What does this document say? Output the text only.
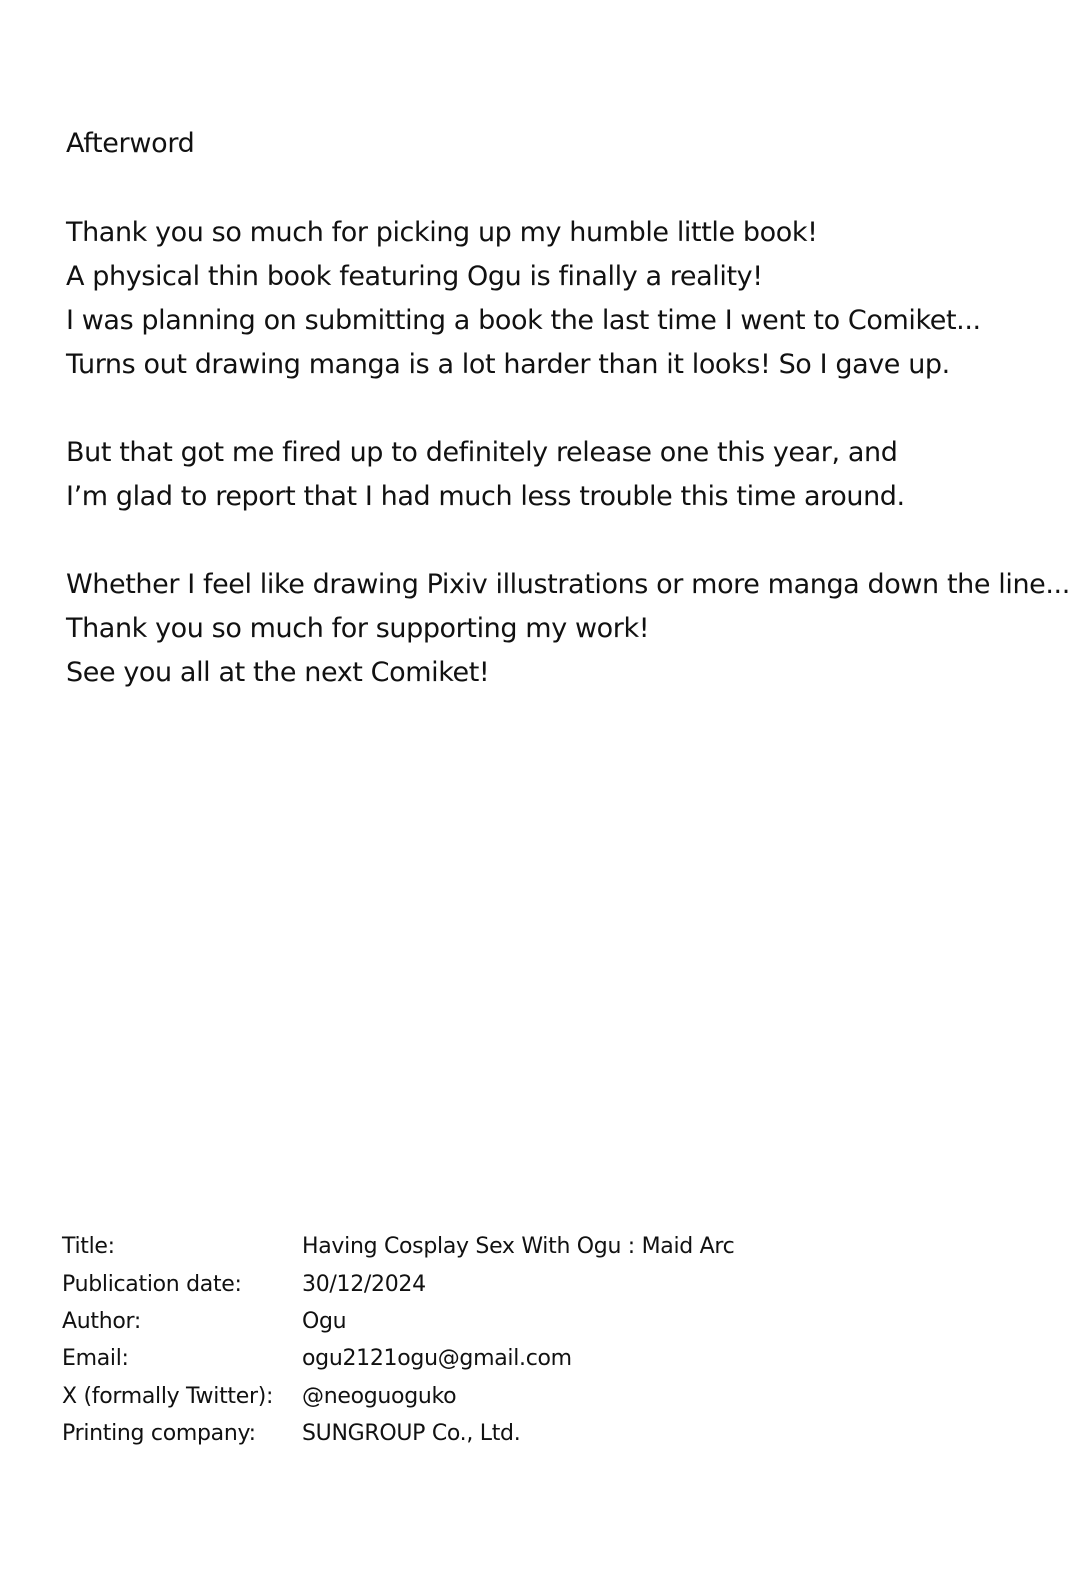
Afterword
Thank you so much for picking up my humble little book!
A physical thin book featuring Ogu is finally a reality!
I was planning on submitting a book the last time I went to Comiket...
Turns out drawing manga is a lot harder than it looks! So I gave up.
But that got me fired up to definitely release one this year, and
I’m glad to report that I had much less trouble this time around.
Whether I feel like drawing Pixiv illustrations or more manga down the line...
Thank you so much for supporting my work!
See you all at the next Comiket!
Title:	Having Cosplay Sex With Ogu : Maid Arc
Publication date:	30/12/2024
Author:	Ogu
Email:	ogu2121ogu@gmail.com
X (formally Twitter):	@neoguoguko
Printing company:	SUNGROUP Co., Ltd.
